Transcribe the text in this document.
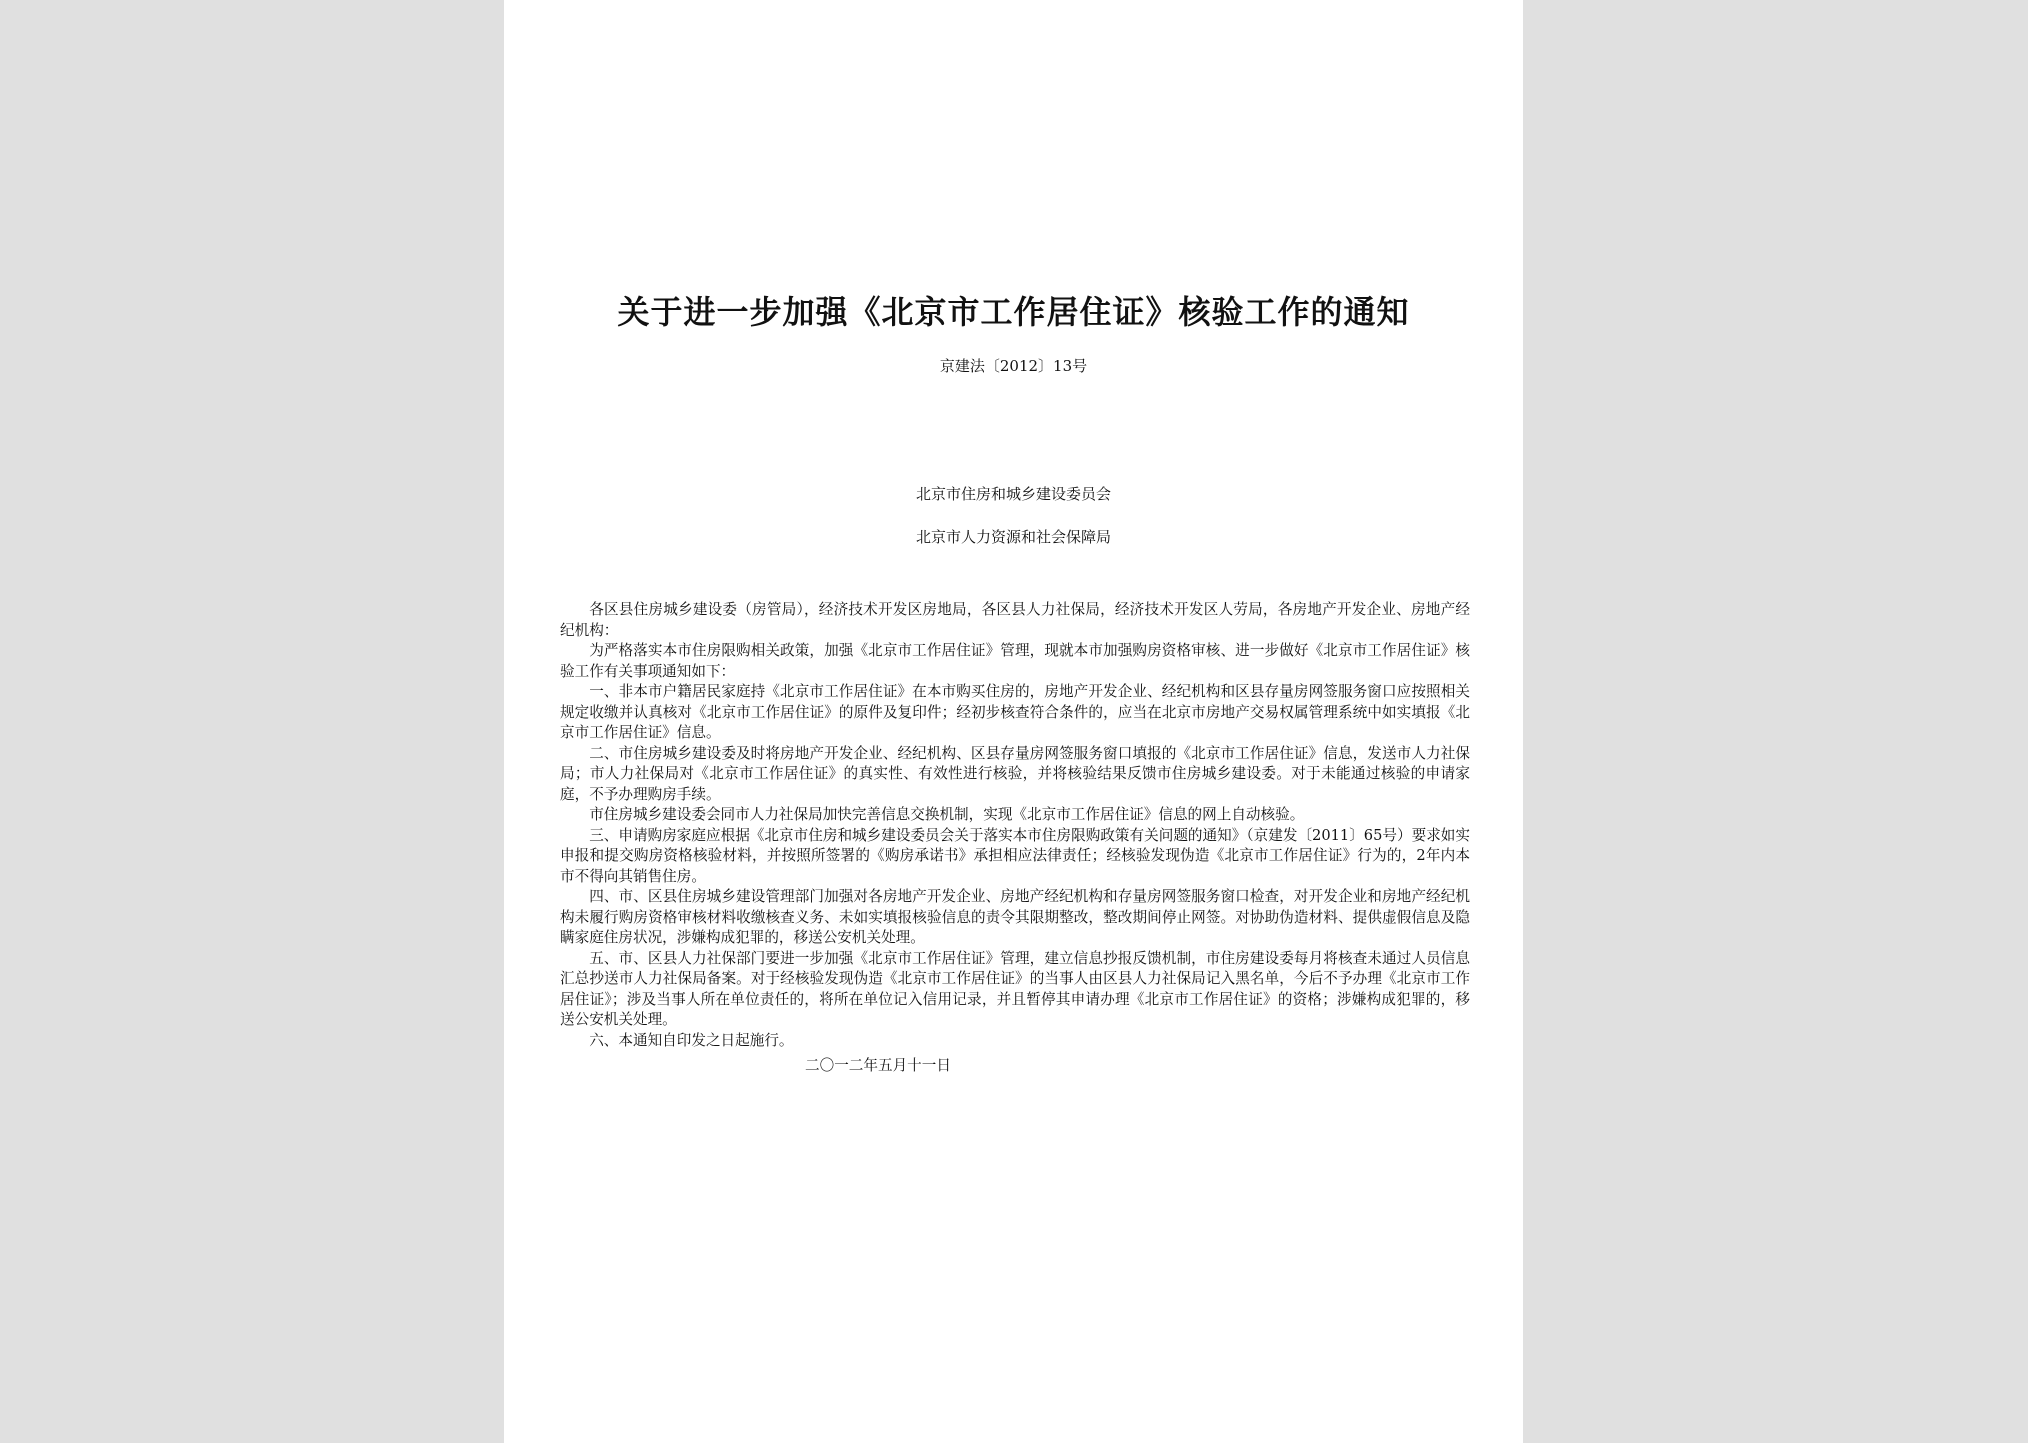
关于进一步加强《北京市工作居住证》核验工作的通知
京建法〔2012〕13号
北京市住房和城乡建设委员会
北京市人力资源和社会保障局

各区县住房城乡建设委（房管局），经济技术开发区房地局，各区县人力社保局，经济技术开发区人劳局，各房地产开发企业、房地产经纪机构：

为严格落实本市住房限购相关政策，加强《北京市工作居住证》管理，现就本市加强购房资格审核、进一步做好《北京市工作居住证》核验工作有关事项通知如下：

一、非本市户籍居民家庭持《北京市工作居住证》在本市购买住房的，房地产开发企业、经纪机构和区县存量房网签服务窗口应按照相关规定收缴并认真核对《北京市工作居住证》的原件及复印件；经初步核查符合条件的，应当在北京市房地产交易权属管理系统中如实填报《北京市工作居住证》信息。

二、市住房城乡建设委及时将房地产开发企业、经纪机构、区县存量房网签服务窗口填报的《北京市工作居住证》信息，发送市人力社保局；市人力社保局对《北京市工作居住证》的真实性、有效性进行核验，并将核验结果反馈市住房城乡建设委。对于未能通过核验的申请家庭，不予办理购房手续。

市住房城乡建设委会同市人力社保局加快完善信息交换机制，实现《北京市工作居住证》信息的网上自动核验。

三、申请购房家庭应根据《北京市住房和城乡建设委员会关于落实本市住房限购政策有关问题的通知》（京建发〔2011〕65号）要求如实申报和提交购房资格核验材料，并按照所签署的《购房承诺书》承担相应法律责任；经核验发现伪造《北京市工作居住证》行为的，2年内本市不得向其销售住房。

四、市、区县住房城乡建设管理部门加强对各房地产开发企业、房地产经纪机构和存量房网签服务窗口检查，对开发企业和房地产经纪机构未履行购房资格审核材料收缴核查义务、未如实填报核验信息的责令其限期整改，整改期间停止网签。对协助伪造材料、提供虚假信息及隐瞒家庭住房状况，涉嫌构成犯罪的，移送公安机关处理。

五、市、区县人力社保部门要进一步加强《北京市工作居住证》管理，建立信息抄报反馈机制，市住房建设委每月将核查未通过人员信息汇总抄送市人力社保局备案。对于经核验发现伪造《北京市工作居住证》的当事人由区县人力社保局记入黑名单，今后不予办理《北京市工作居住证》；涉及当事人所在单位责任的，将所在单位记入信用记录，并且暂停其申请办理《北京市工作居住证》的资格；涉嫌构成犯罪的，移送公安机关处理。

六、本通知自印发之日起施行。

二〇一二年五月十一日
